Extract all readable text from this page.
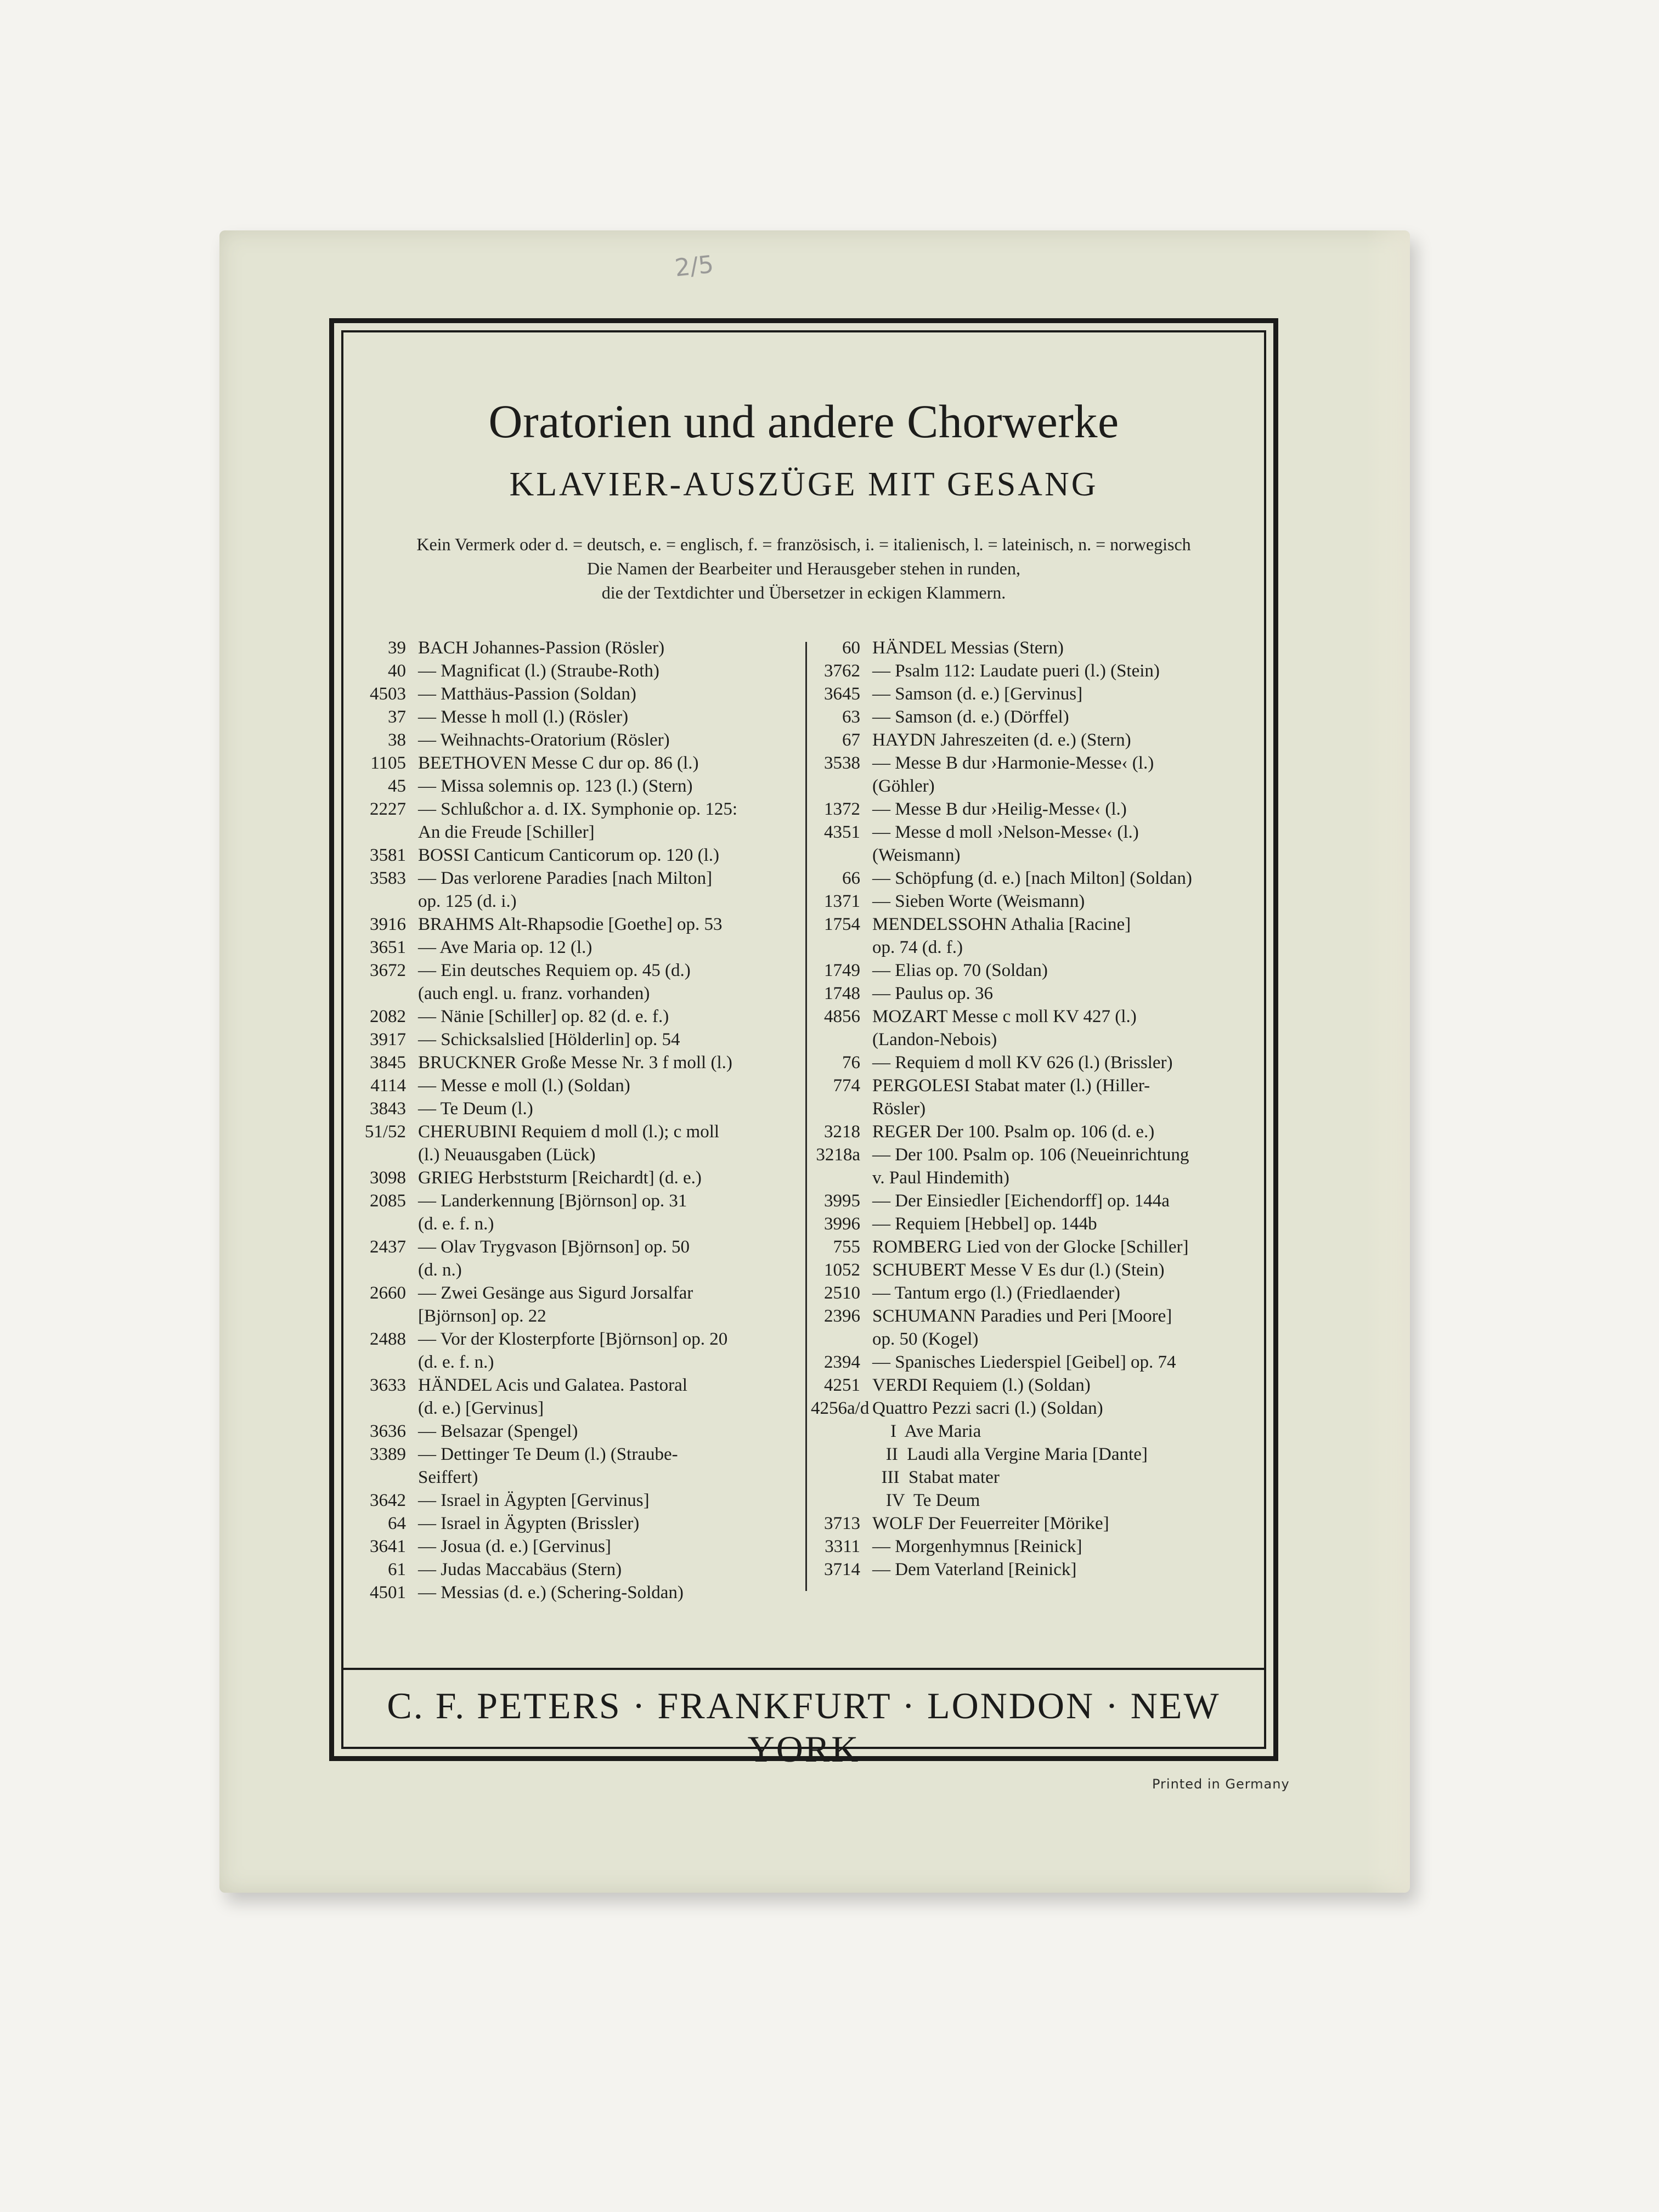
2/5
Oratorien und andere Chorwerke
KLAVIER-AUSZÜGE MIT GESANG
Kein Vermerk oder d. = deutsch, e. = englisch, f. = französisch, i. = italienisch, l. = lateinisch, n. = norwegisch
Die Namen der Bearbeiter und Herausgeber stehen in runden,
die der Textdichter und Übersetzer in eckigen Klammern.
39 BACH Johannes-Passion (Rösler)
40 — Magnificat (l.) (Straube-Roth)
4503 — Matthäus-Passion (Soldan)
37 — Messe h moll (l.) (Rösler)
38 — Weihnachts-Oratorium (Rösler)
1105 BEETHOVEN Messe C dur op. 86 (l.)
45 — Missa solemnis op. 123 (l.) (Stern)
2227 — Schlußchor a. d. IX. Symphonie op. 125:
An die Freude [Schiller]
3581 BOSSI Canticum Canticorum op. 120 (l.)
3583 — Das verlorene Paradies [nach Milton]
op. 125 (d. i.)
3916 BRAHMS Alt-Rhapsodie [Goethe] op. 53
3651 — Ave Maria op. 12 (l.)
3672 — Ein deutsches Requiem op. 45 (d.)
(auch engl. u. franz. vorhanden)
2082 — Nänie [Schiller] op. 82 (d. e. f.)
3917 — Schicksalslied [Hölderlin] op. 54
3845 BRUCKNER Große Messe Nr. 3 f moll (l.)
4114 — Messe e moll (l.) (Soldan)
3843 — Te Deum (l.)
51/52 CHERUBINI Requiem d moll (l.); c moll
(l.) Neuausgaben (Lück)
3098 GRIEG Herbststurm [Reichardt] (d. e.)
2085 — Landerkennung [Björnson] op. 31
(d. e. f. n.)
2437 — Olav Trygvason [Björnson] op. 50
(d. n.)
2660 — Zwei Gesänge aus Sigurd Jorsalfar
[Björnson] op. 22
2488 — Vor der Klosterpforte [Björnson] op. 20
(d. e. f. n.)
3633 HÄNDEL Acis und Galatea. Pastoral
(d. e.) [Gervinus]
3636 — Belsazar (Spengel)
3389 — Dettinger Te Deum (l.) (Straube-
Seiffert)
3642 — Israel in Ägypten [Gervinus]
64 — Israel in Ägypten (Brissler)
3641 — Josua (d. e.) [Gervinus]
61 — Judas Maccabäus (Stern)
4501 — Messias (d. e.) (Schering-Soldan)
60 HÄNDEL Messias (Stern)
3762 — Psalm 112: Laudate pueri (l.) (Stein)
3645 — Samson (d. e.) [Gervinus]
63 — Samson (d. e.) (Dörffel)
67 HAYDN Jahreszeiten (d. e.) (Stern)
3538 — Messe B dur ›Harmonie-Messe‹ (l.)
(Göhler)
1372 — Messe B dur ›Heilig-Messe‹ (l.)
4351 — Messe d moll ›Nelson-Messe‹ (l.)
(Weismann)
66 — Schöpfung (d. e.) [nach Milton] (Soldan)
1371 — Sieben Worte (Weismann)
1754 MENDELSSOHN Athalia [Racine]
op. 74 (d. f.)
1749 — Elias op. 70 (Soldan)
1748 — Paulus op. 36
4856 MOZART Messe c moll KV 427 (l.)
(Landon-Nebois)
76 — Requiem d moll KV 626 (l.) (Brissler)
774 PERGOLESI Stabat mater (l.) (Hiller-
Rösler)
3218 REGER Der 100. Psalm op. 106 (d. e.)
3218a — Der 100. Psalm op. 106 (Neueinrichtung
v. Paul Hindemith)
3995 — Der Einsiedler [Eichendorff] op. 144a
3996 — Requiem [Hebbel] op. 144b
755 ROMBERG Lied von der Glocke [Schiller]
1052 SCHUBERT Messe V Es dur (l.) (Stein)
2510 — Tantum ergo (l.) (Friedlaender)
2396 SCHUMANN Paradies und Peri [Moore]
op. 50 (Kogel)
2394 — Spanisches Liederspiel [Geibel] op. 74
4251 VERDI Requiem (l.) (Soldan)
4256a/d Quattro Pezzi sacri (l.) (Soldan)
I  Ave Maria
II  Laudi alla Vergine Maria [Dante]
III  Stabat mater
IV  Te Deum
3713 WOLF Der Feuerreiter [Mörike]
3311 — Morgenhymnus [Reinick]
3714 — Dem Vaterland [Reinick]
C. F. PETERS · FRANKFURT · LONDON · NEW YORK
Printed in Germany
